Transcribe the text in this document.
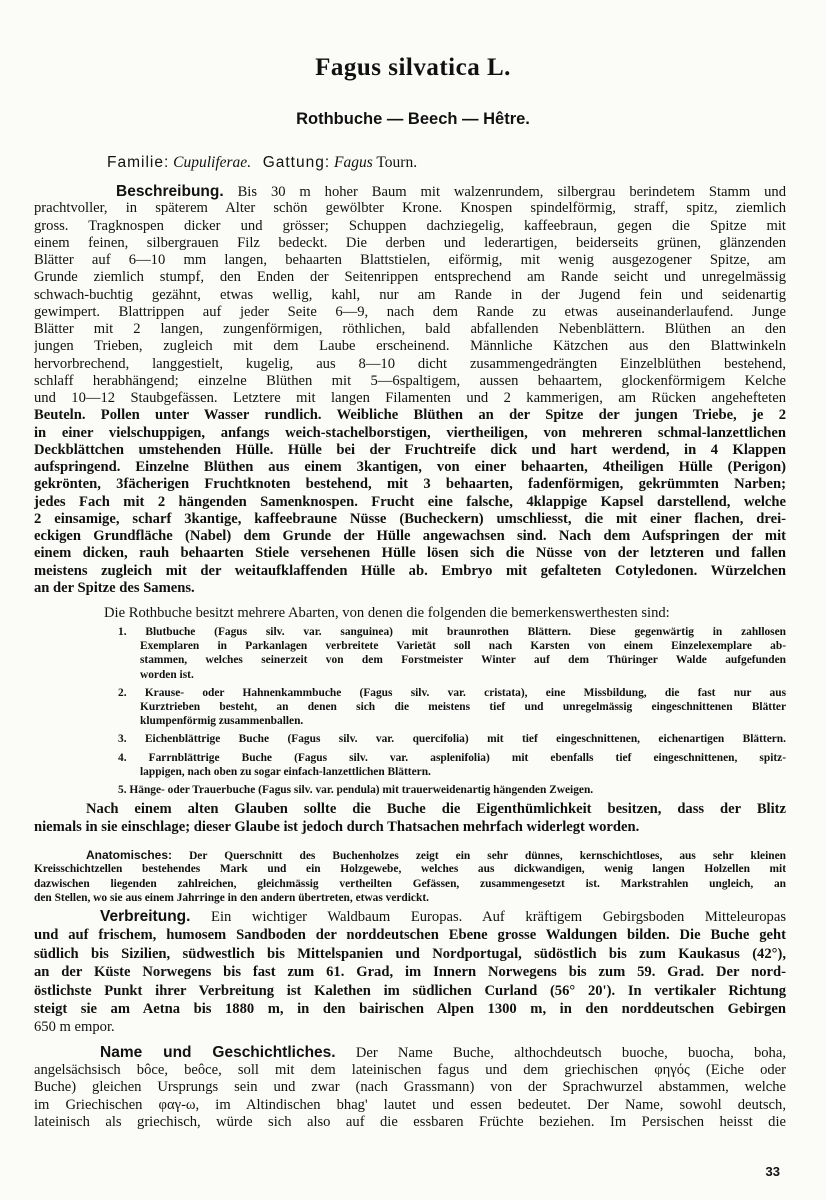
Fagus silvatica L.
Rothbuche — Beech — Hêtre.
Familie: Cupuliferae. Gattung: Fagus Tourn.
Beschreibung. Bis 30 m hoher Baum mit walzenrundem, silbergrau berindetem Stamm und
prachtvoller, in späterem Alter schön gewölbter Krone. Knospen spindelförmig, straff, spitz, ziemlich
gross. Tragknospen dicker und grösser; Schuppen dachziegelig, kaffeebraun, gegen die Spitze mit
einem feinen, silbergrauen Filz bedeckt. Die derben und lederartigen, beiderseits grünen, glänzenden
Blätter auf 6—10 mm langen, behaarten Blattstielen, eiförmig, mit wenig ausgezogener Spitze, am
Grunde ziemlich stumpf, den Enden der Seitenrippen entsprechend am Rande seicht und unregelmässig
schwach-buchtig gezähnt, etwas wellig, kahl, nur am Rande in der Jugend fein und seidenartig
gewimpert. Blattrippen auf jeder Seite 6—9, nach dem Rande zu etwas auseinanderlaufend. Junge
Blätter mit 2 langen, zungenförmigen, röthlichen, bald abfallenden Nebenblättern. Blüthen an den
jungen Trieben, zugleich mit dem Laube erscheinend. Männliche Kätzchen aus den Blattwinkeln
hervorbrechend, langgestielt, kugelig, aus 8—10 dicht zusammengedrängten Einzelblüthen bestehend,
schlaff herabhängend; einzelne Blüthen mit 5—6spaltigem, aussen behaartem, glockenförmigem Kelche
und 10—12 Staubgefässen. Letztere mit langen Filamenten und 2 kammerigen, am Rücken angehefteten
Beuteln. Pollen unter Wasser rundlich. Weibliche Blüthen an der Spitze der jungen Triebe, je 2
in einer vielschuppigen, anfangs weich-stachelborstigen, viertheiligen, von mehreren schmal-lanzettlichen
Deckblättchen umstehenden Hülle. Hülle bei der Fruchtreife dick und hart werdend, in 4 Klappen
aufspringend. Einzelne Blüthen aus einem 3kantigen, von einer behaarten, 4theiligen Hülle (Perigon)
gekrönten, 3fächerigen Fruchtknoten bestehend, mit 3 behaarten, fadenförmigen, gekrümmten Narben;
jedes Fach mit 2 hängenden Samenknospen. Frucht eine falsche, 4klappige Kapsel darstellend, welche
2 einsamige, scharf 3kantige, kaffeebraune Nüsse (Bucheckern) umschliesst, die mit einer flachen, drei-
eckigen Grundfläche (Nabel) dem Grunde der Hülle angewachsen sind. Nach dem Aufspringen der mit
einem dicken, rauh behaarten Stiele versehenen Hülle lösen sich die Nüsse von der letzteren und fallen
meistens zugleich mit der weitaufklaffenden Hülle ab. Embryo mit gefalteten Cotyledonen. Würzelchen
an der Spitze des Samens.
Die Rothbuche besitzt mehrere Abarten, von denen die folgenden die bemerkenswerthesten sind:
1. Blutbuche (Fagus silv. var. sanguinea) mit braunrothen Blättern. Diese gegenwärtig in zahllosen
Exemplaren in Parkanlagen verbreitete Varietät soll nach Karsten von einem Einzelexemplare ab-
stammen, welches seinerzeit von dem Forstmeister Winter auf dem Thüringer Walde aufgefunden
worden ist.
2. Krause- oder Hahnenkammbuche (Fagus silv. var. cristata), eine Missbildung, die fast nur aus
Kurztrieben besteht, an denen sich die meistens tief und unregelmässig eingeschnittenen Blätter
klumpenförmig zusammenballen.
3. Eichenblättrige Buche (Fagus silv. var. quercifolia) mit tief eingeschnittenen, eichenartigen Blättern.
4. Farrnblättrige Buche (Fagus silv. var. asplenifolia) mit ebenfalls tief eingeschnittenen, spitz-
lappigen, nach oben zu sogar einfach-lanzettlichen Blättern.
5. Hänge- oder Trauerbuche (Fagus silv. var. pendula) mit trauerweidenartig hängenden Zweigen.
Nach einem alten Glauben sollte die Buche die Eigenthümlichkeit besitzen, dass der Blitz
niemals in sie einschlage; dieser Glaube ist jedoch durch Thatsachen mehrfach widerlegt worden.
Anatomisches: Der Querschnitt des Buchenholzes zeigt ein sehr dünnes, kernschichtloses, aus sehr kleinen
Kreisschichtzellen bestehendes Mark und ein Holzgewebe, welches aus dickwandigen, wenig langen Holzellen mit
dazwischen liegenden zahlreichen, gleichmässig vertheilten Gefässen, zusammengesetzt ist. Markstrahlen ungleich, an
den Stellen, wo sie aus einem Jahrringe in den andern übertreten, etwas verdickt.
Verbreitung. Ein wichtiger Waldbaum Europas. Auf kräftigem Gebirgsboden Mitteleuropas
und auf frischem, humosem Sandboden der norddeutschen Ebene grosse Waldungen bilden. Die Buche geht
südlich bis Sizilien, südwestlich bis Mittelspanien und Nordportugal, südöstlich bis zum Kaukasus (42°),
an der Küste Norwegens bis fast zum 61. Grad, im Innern Norwegens bis zum 59. Grad. Der nord-
östlichste Punkt ihrer Verbreitung ist Kalethen im südlichen Curland (56° 20'). In vertikaler Richtung
steigt sie am Aetna bis 1880 m, in den bairischen Alpen 1300 m, in den norddeutschen Gebirgen
650 m empor.
Name und Geschichtliches. Der Name Buche, althochdeutsch buoche, buocha, boha,
angelsächsisch bôce, beôce, soll mit dem lateinischen fagus und dem griechischen φηγός (Eiche oder
Buche) gleichen Ursprungs sein und zwar (nach Grassmann) von der Sprachwurzel abstammen, welche
im Griechischen φαγ-ω, im Altindischen bhag' lautet und essen bedeutet. Der Name, sowohl deutsch,
lateinisch als griechisch, würde sich also auf die essbaren Früchte beziehen. Im Persischen heisst die
33
